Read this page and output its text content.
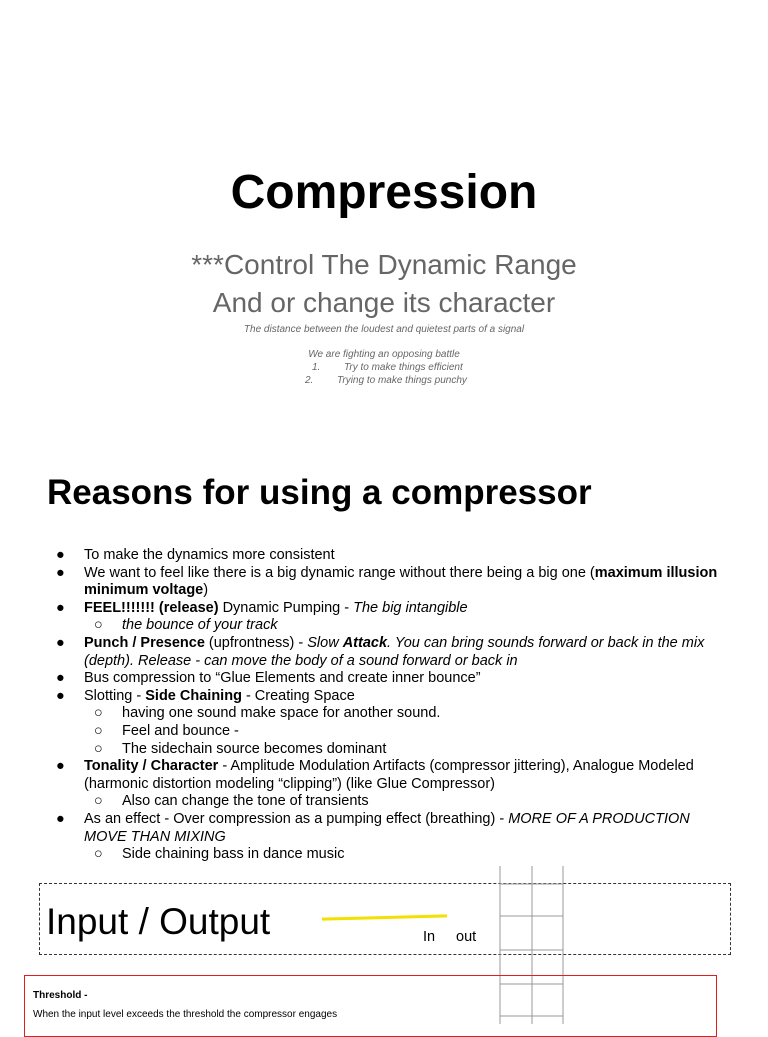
Compression
***Control The Dynamic Range
And or change its character
The distance between the loudest and quietest parts of a signal
We are fighting an opposing battle
1. Try to make things efficient
2. Trying to make things punchy
Reasons for using a compressor
● To make the dynamics more consistent
● We want to feel like there is a big dynamic range without there being a big one (maximum illusion minimum voltage)
● FEEL!!!!!!! (release) Dynamic Pumping - The big intangible
○ the bounce of your track
● Punch / Presence (upfrontness) - Slow Attack. You can bring sounds forward or back in the mix (depth). Release - can move the body of a sound forward or back in
● Bus compression to “Glue Elements and create inner bounce”
● Slotting - Side Chaining - Creating Space
○ having one sound make space for another sound.
○ Feel and bounce -
○ The sidechain source becomes dominant
● Tonality / Character - Amplitude Modulation Artifacts (compressor jittering), Analogue Modeled (harmonic distortion modeling “clipping”) (like Glue Compressor)
○ Also can change the tone of transients
● As an effect - Over compression as a pumping effect (breathing) - MORE OF A PRODUCTION MOVE THAN MIXING
○ Side chaining bass in dance music
Input / Output	In out
Threshold -
When the input level exceeds the threshold the compressor engages
